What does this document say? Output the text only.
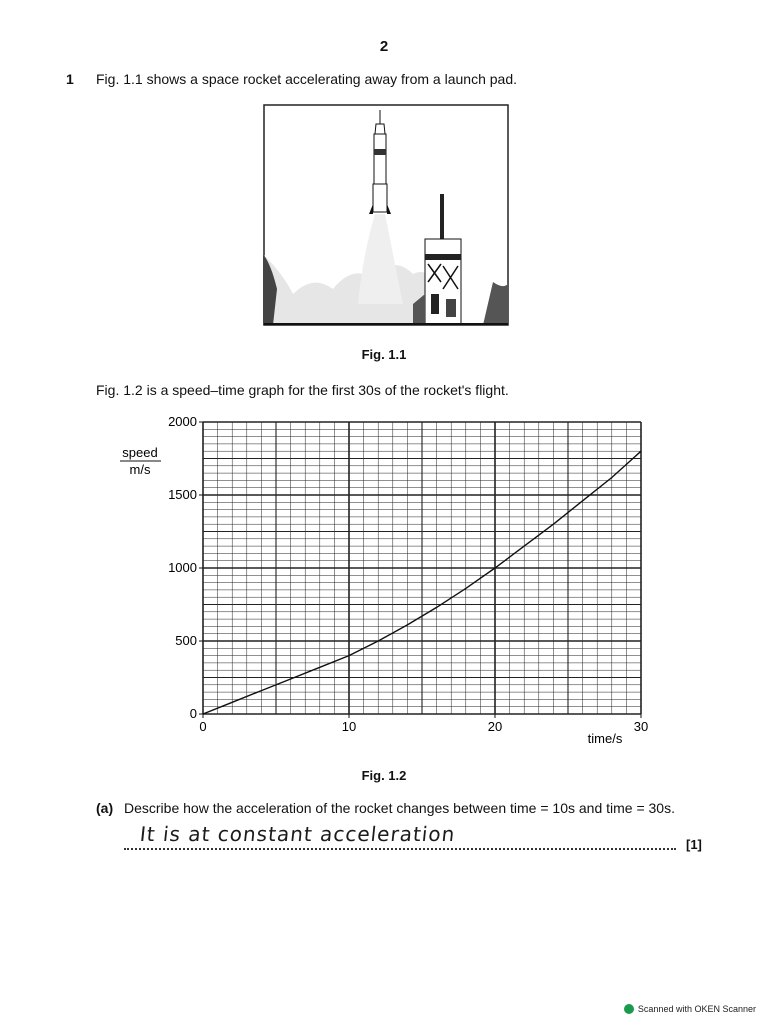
2
1 Fig. 1.1 shows a space rocket accelerating away from a launch pad.
Fig. 1.1
Fig. 1.2 is a speed–time graph for the first 30s of the rocket's flight.
0	10	20	30
0
500
1000
1500
2000
speed
m/s
time/s
Fig. 1.2
(a) Describe how the acceleration of the rocket changes between time = 10s and time = 30s.
It is at constant acceleration	[1]
Scanned with OKEN Scanner
